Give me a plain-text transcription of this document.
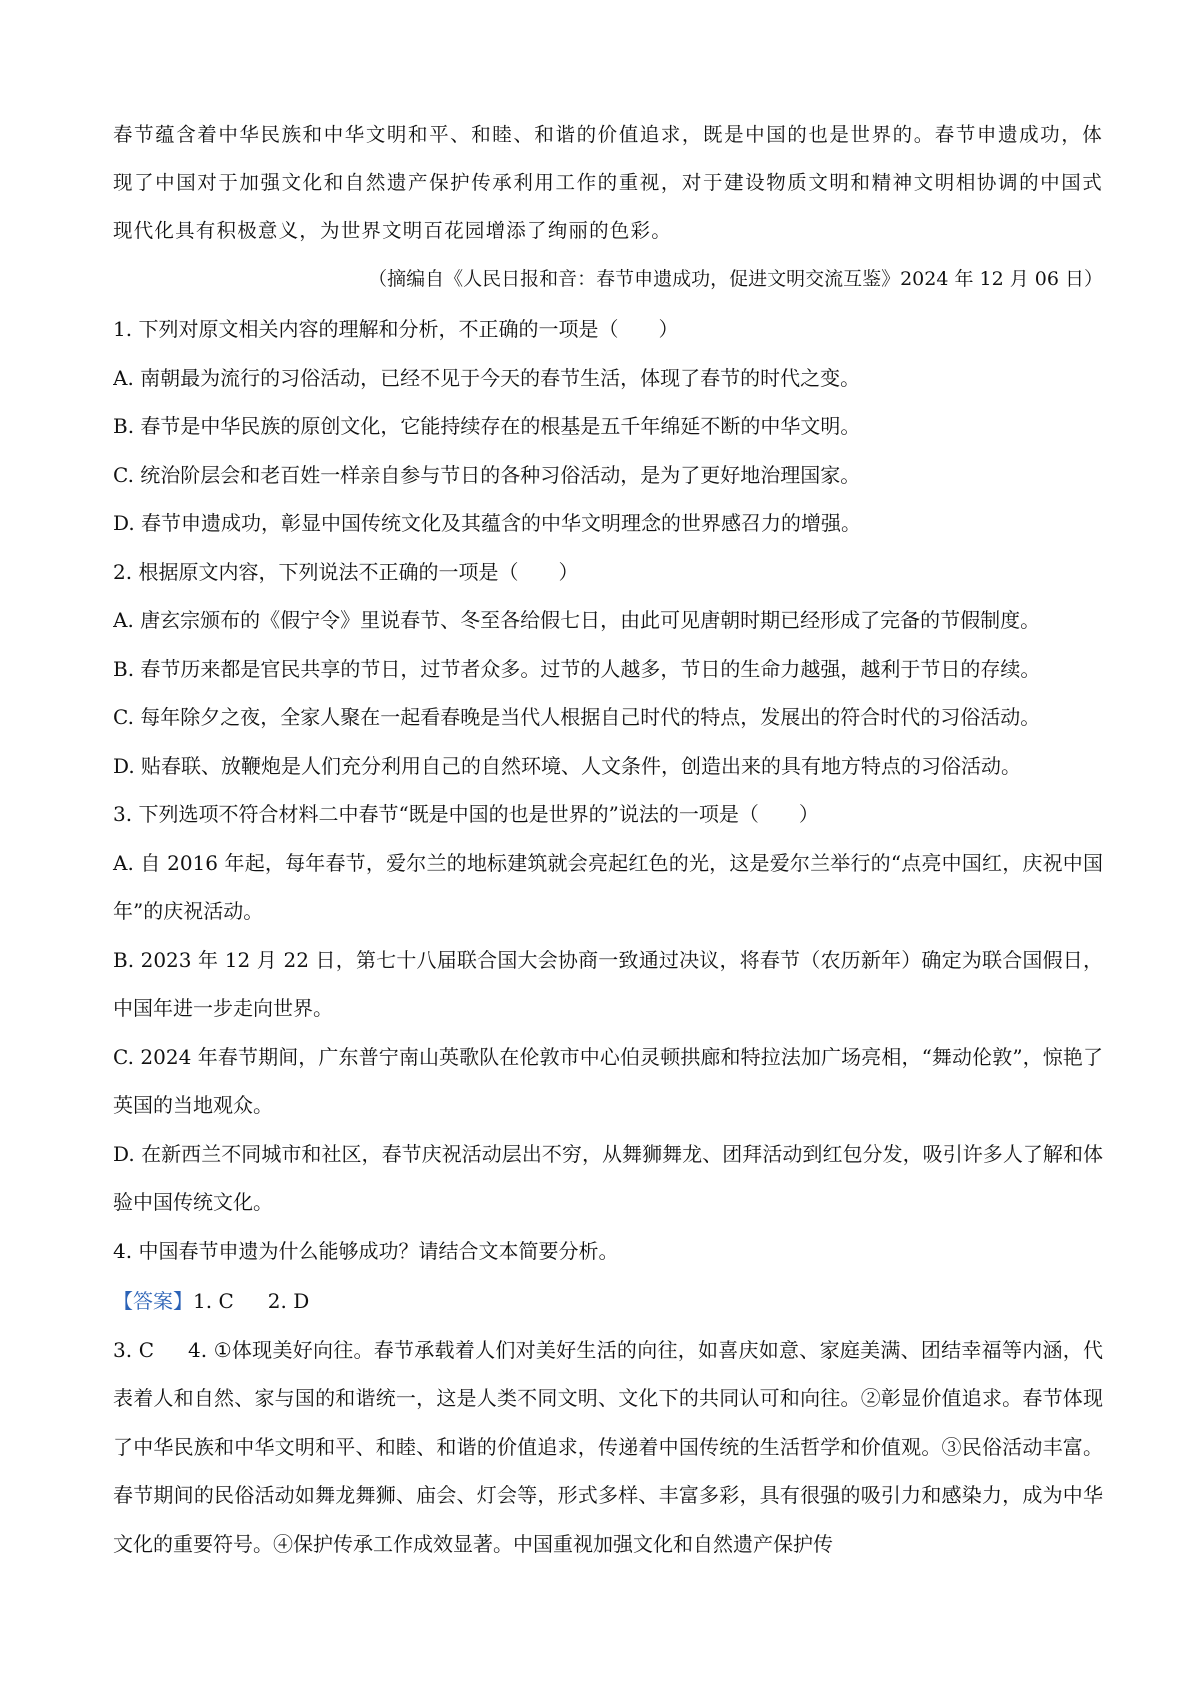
春节蕴含着中华民族和中华文明和平、和睦、和谐的价值追求，既是中国的也是世界的。春节申遗成功，体现了中国对于加强文化和自然遗产保护传承利用工作的重视，对于建设物质文明和精神文明相协调的中国式现代化具有积极意义，为世界文明百花园增添了绚丽的色彩。

（摘编自《人民日报和音：春节申遗成功，促进文明交流互鉴》2024 年 12 月 06 日）

1. 下列对原文相关内容的理解和分析，不正确的一项是（　　）

A. 南朝最为流行的习俗活动，已经不见于今天的春节生活，体现了春节的时代之变。

B. 春节是中华民族的原创文化，它能持续存在的根基是五千年绵延不断的中华文明。

C. 统治阶层会和老百姓一样亲自参与节日的各种习俗活动，是为了更好地治理国家。

D. 春节申遗成功，彰显中国传统文化及其蕴含的中华文明理念的世界感召力的增强。

2. 根据原文内容，下列说法不正确的一项是（　　）

A. 唐玄宗颁布的《假宁令》里说春节、冬至各给假七日，由此可见唐朝时期已经形成了完备的节假制度。

B. 春节历来都是官民共享的节日，过节者众多。过节的人越多，节日的生命力越强，越利于节日的存续。

C. 每年除夕之夜，全家人聚在一起看春晚是当代人根据自己时代的特点，发展出的符合时代的习俗活动。

D. 贴春联、放鞭炮是人们充分利用自己的自然环境、人文条件，创造出来的具有地方特点的习俗活动。

3. 下列选项不符合材料二中春节“既是中国的也是世界的”说法的一项是（　　）

A. 自 2016 年起，每年春节，爱尔兰的地标建筑就会亮起红色的光，这是爱尔兰举行的“点亮中国红，庆祝中国年”的庆祝活动。

B. 2023 年 12 月 22 日，第七十八届联合国大会协商一致通过决议，将春节（农历新年）确定为联合国假日，中国年进一步走向世界。

C. 2024 年春节期间，广东普宁南山英歌队在伦敦市中心伯灵顿拱廊和特拉法加广场亮相，“舞动伦敦”，惊艳了英国的当地观众。

D. 在新西兰不同城市和社区，春节庆祝活动层出不穷，从舞狮舞龙、团拜活动到红包分发，吸引许多人了解和体验中国传统文化。

4. 中国春节申遗为什么能够成功？请结合文本简要分析。

【答案】1. C 2. D

3. C 4. ①体现美好向往。春节承载着人们对美好生活的向往，如喜庆如意、家庭美满、团结幸福等内涵，代表着人和自然、家与国的和谐统一，这是人类不同文明、文化下的共同认可和向往。②彰显价值追求。春节体现了中华民族和中华文明和平、和睦、和谐的价值追求，传递着中国传统的生活哲学和价值观。③民俗活动丰富。春节期间的民俗活动如舞龙舞狮、庙会、灯会等，形式多样、丰富多彩，具有很强的吸引力和感染力，成为中华文化的重要符号。④保护传承工作成效显著。中国重视加强文化和自然遗产保护传
